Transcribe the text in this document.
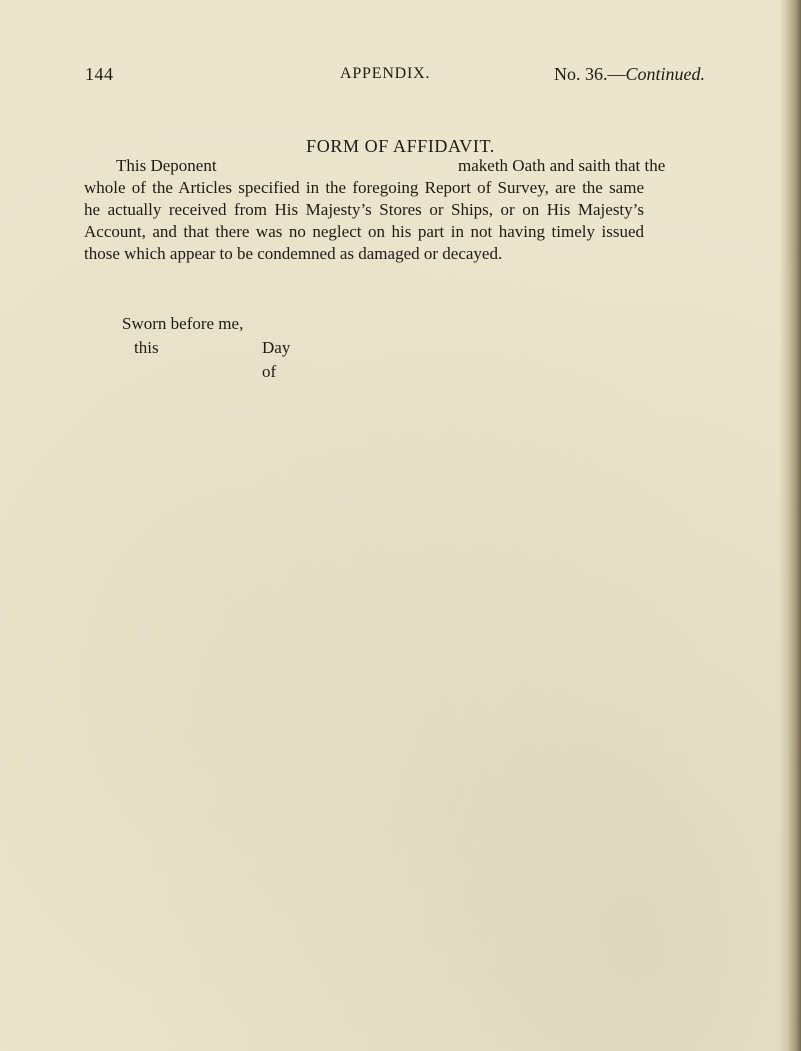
144	APPENDIX.	No. 36.—Continued.
FORM OF AFFIDAVIT.
This Deponent	maketh Oath and saith that the
whole of the Articles specified in the foregoing Report of Survey, are the same
he actually received from His Majesty’s Stores or Ships, or on His Majesty’s
Account, and that there was no neglect on his part in not having timely issued
those which appear to be condemned as damaged or decayed.
Sworn before me,
this	Day of
